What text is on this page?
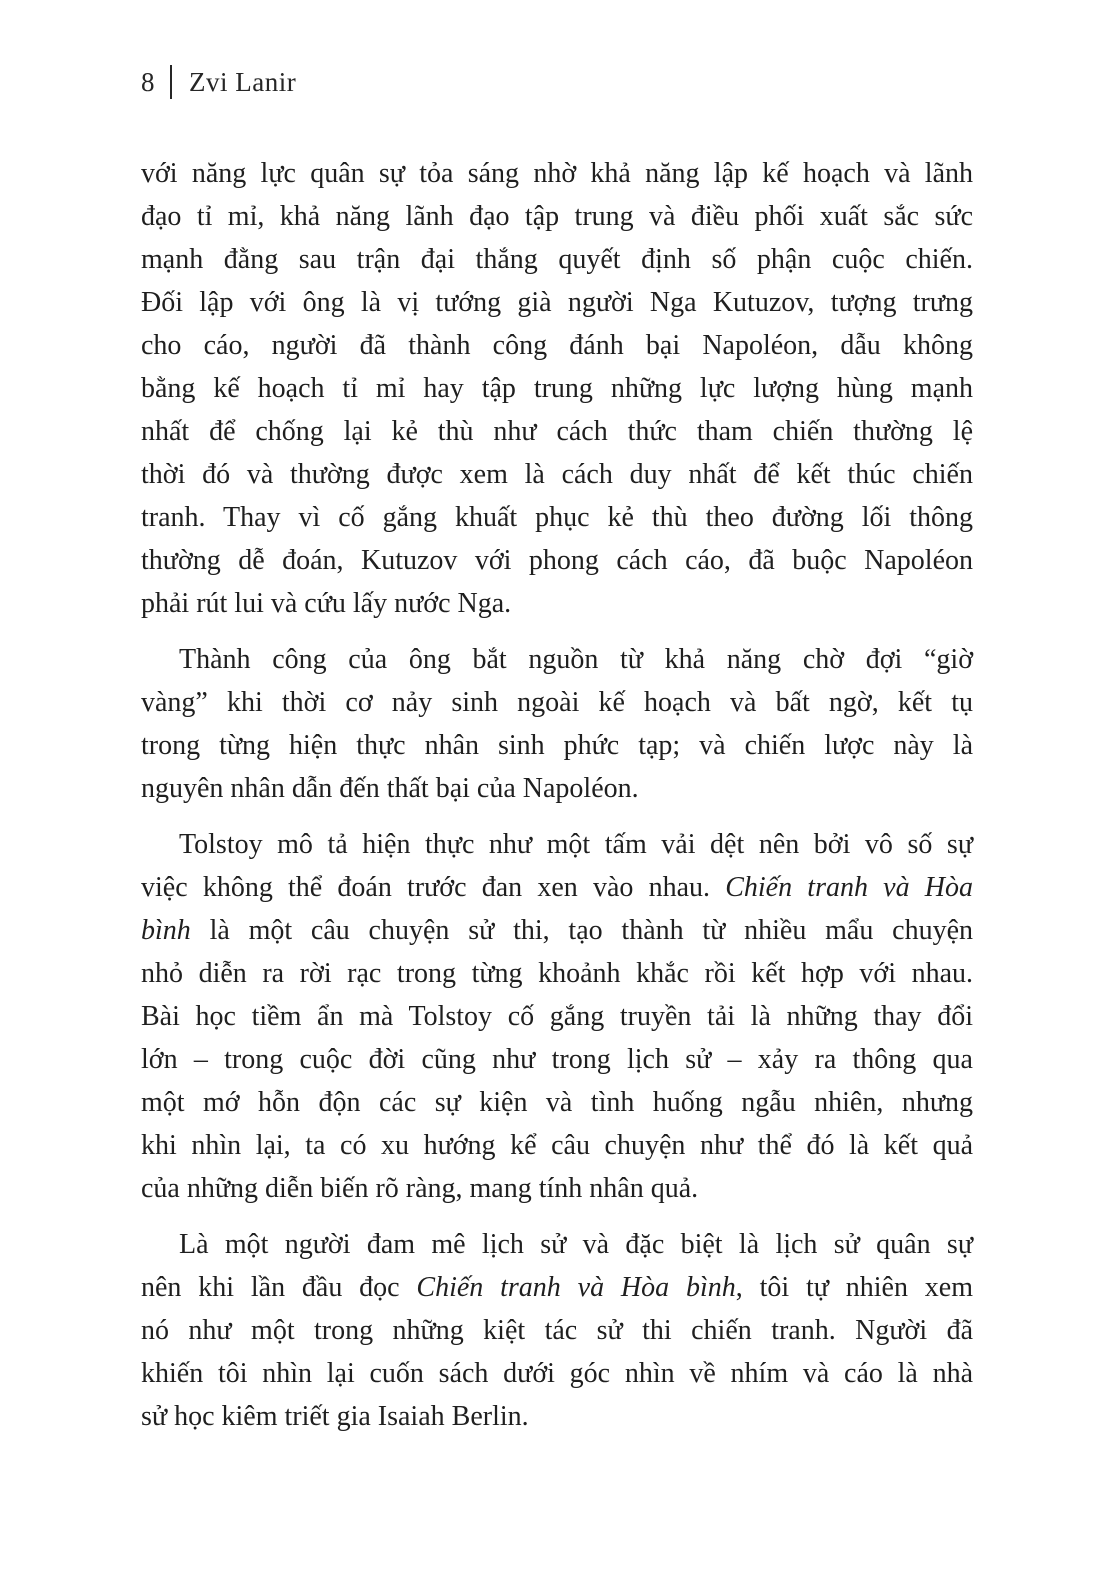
8 Zvi Lanir

với năng lực quân sự tỏa sáng nhờ khả năng lập kế hoạch và lãnh
đạo tỉ mỉ, khả năng lãnh đạo tập trung và điều phối xuất sắc sức
mạnh đằng sau trận đại thắng quyết định số phận cuộc chiến.
Đối lập với ông là vị tướng già người Nga Kutuzov, tượng trưng
cho cáo, người đã thành công đánh bại Napoléon, dẫu không
bằng kế hoạch tỉ mỉ hay tập trung những lực lượng hùng mạnh
nhất để chống lại kẻ thù như cách thức tham chiến thường lệ
thời đó và thường được xem là cách duy nhất để kết thúc chiến
tranh. Thay vì cố gắng khuất phục kẻ thù theo đường lối thông
thường dễ đoán, Kutuzov với phong cách cáo, đã buộc Napoléon
phải rút lui và cứu lấy nước Nga.

Thành công của ông bắt nguồn từ khả năng chờ đợi “giờ
vàng” khi thời cơ nảy sinh ngoài kế hoạch và bất ngờ, kết tụ
trong từng hiện thực nhân sinh phức tạp; và chiến lược này là
nguyên nhân dẫn đến thất bại của Napoléon.

Tolstoy mô tả hiện thực như một tấm vải dệt nên bởi vô số sự
việc không thể đoán trước đan xen vào nhau. Chiến tranh và Hòa
bình là một câu chuyện sử thi, tạo thành từ nhiều mẩu chuyện
nhỏ diễn ra rời rạc trong từng khoảnh khắc rồi kết hợp với nhau.
Bài học tiềm ẩn mà Tolstoy cố gắng truyền tải là những thay đổi
lớn – trong cuộc đời cũng như trong lịch sử – xảy ra thông qua
một mớ hỗn độn các sự kiện và tình huống ngẫu nhiên, nhưng
khi nhìn lại, ta có xu hướng kể câu chuyện như thể đó là kết quả
của những diễn biến rõ ràng, mang tính nhân quả.

Là một người đam mê lịch sử và đặc biệt là lịch sử quân sự
nên khi lần đầu đọc Chiến tranh và Hòa bình, tôi tự nhiên xem
nó như một trong những kiệt tác sử thi chiến tranh. Người đã
khiến tôi nhìn lại cuốn sách dưới góc nhìn về nhím và cáo là nhà
sử học kiêm triết gia Isaiah Berlin.
